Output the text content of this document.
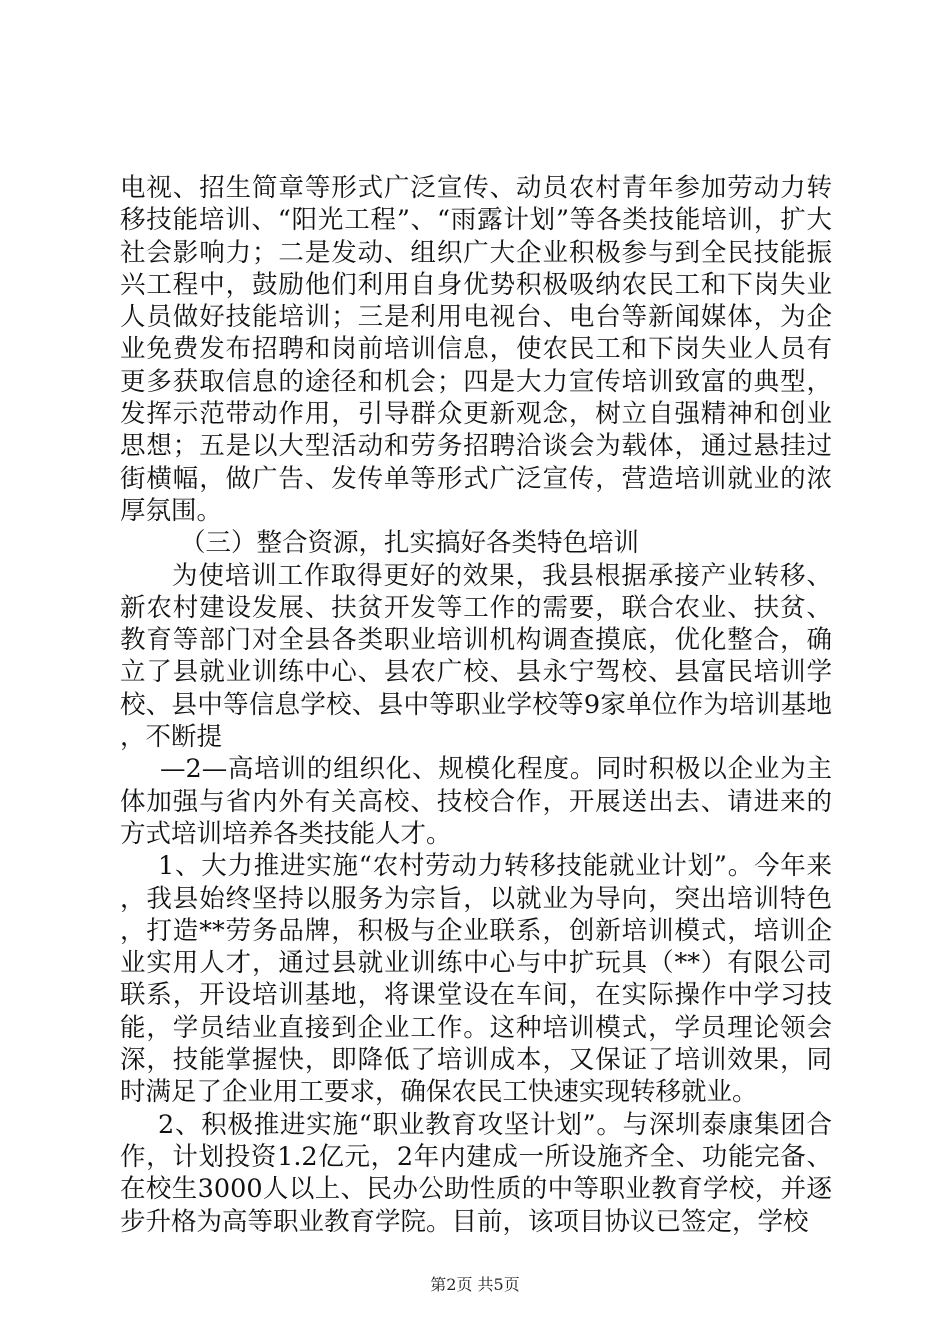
电视、招生简章等形式广泛宣传、动员农村青年参加劳动力转移技能培训、“阳光工程”、“雨露计划”等各类技能培训，扩大社会影响力；二是发动、组织广大企业积极参与到全民技能振兴工程中，鼓励他们利用自身优势积极吸纳农民工和下岗失业人员做好技能培训；三是利用电视台、电台等新闻媒体，为企业免费发布招聘和岗前培训信息，使农民工和下岗失业人员有更多获取信息的途径和机会；四是大力宣传培训致富的典型，发挥示范带动作用，引导群众更新观念，树立自强精神和创业思想；五是以大型活动和劳务招聘洽谈会为载体，通过悬挂过街横幅，做广告、发传单等形式广泛宣传，营造培训就业的浓厚氛围。

（三）整合资源，扎实搞好各类特色培训

为使培训工作取得更好的效果，我县根据承接产业转移、新农村建设发展、扶贫开发等工作的需要，联合农业、扶贫、教育等部门对全县各类职业培训机构调查摸底，优化整合，确立了县就业训练中心、县农广校、县永宁驾校、县富民培训学校、县中等信息学校、县中等职业学校等9家单位作为培训基地，不断提

—2—高培训的组织化、规模化程度。同时积极以企业为主体加强与省内外有关高校、技校合作，开展送出去、请进来的方式培训培养各类技能人才。

1、大力推进实施“农村劳动力转移技能就业计划”。今年来，我县始终坚持以服务为宗旨，以就业为导向，突出培训特色，打造**劳务品牌，积极与企业联系，创新培训模式，培训企业实用人才，通过县就业训练中心与中扩玩具（**）有限公司联系，开设培训基地，将课堂设在车间，在实际操作中学习技能，学员结业直接到企业工作。这种培训模式，学员理论领会深，技能掌握快，即降低了培训成本，又保证了培训效果，同时满足了企业用工要求，确保农民工快速实现转移就业。

2、积极推进实施“职业教育攻坚计划”。与深圳泰康集团合作，计划投资1.2亿元，2年内建成一所设施齐全、功能完备、在校生3000人以上、民办公助性质的中等职业教育学校，并逐步升格为高等职业教育学院。目前，该项目协议已签定，学校

第2页 共5页
